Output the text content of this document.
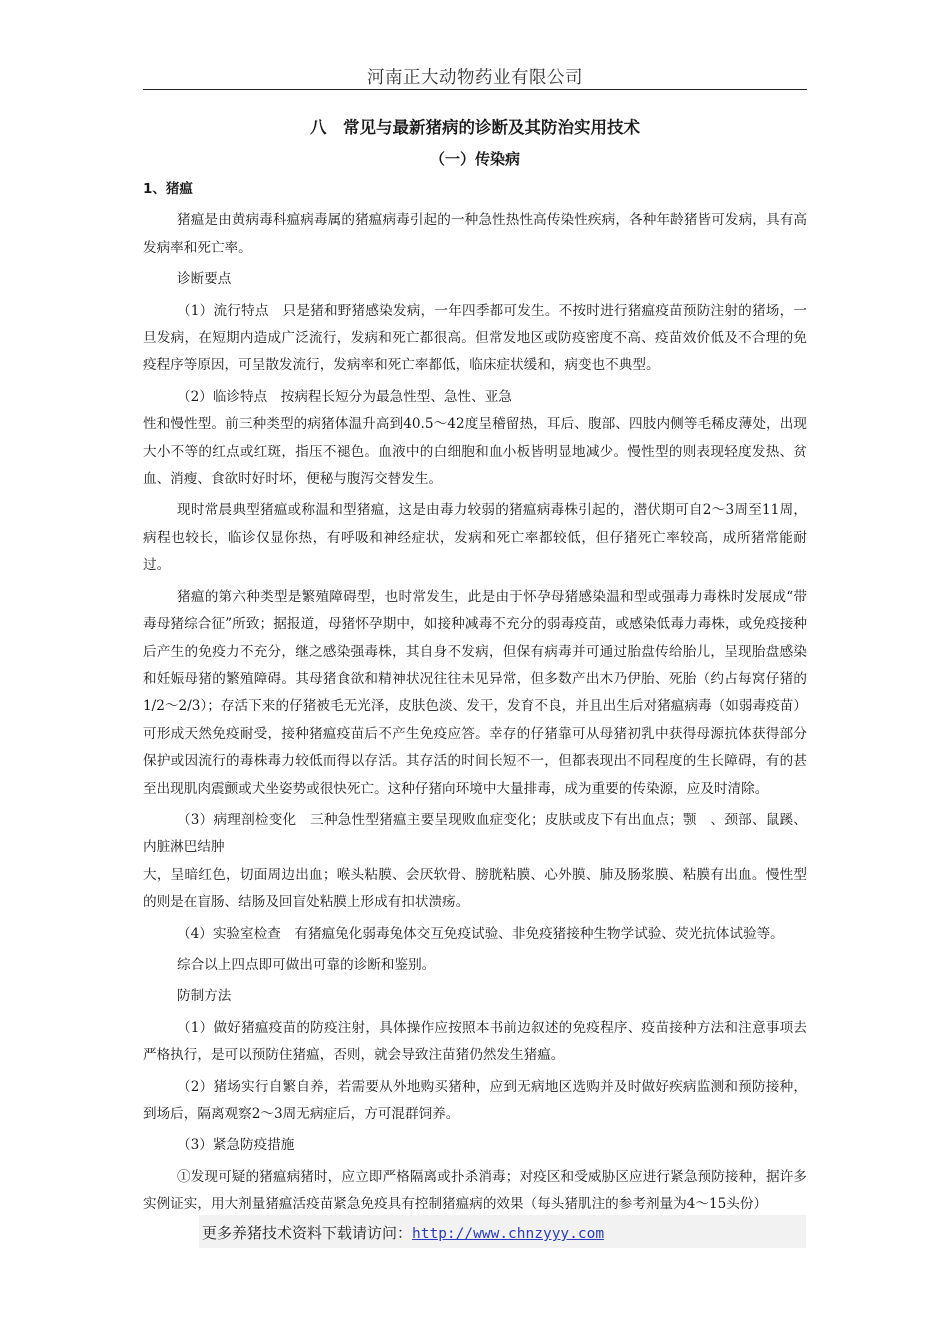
河南正大动物药业有限公司

八　常见与最新猪病的诊断及其防治实用技术

（一）传染病

1、猪瘟

猪瘟是由黄病毒科瘟病毒属的猪瘟病毒引起的一种急性热性高传染性疾病，各种年龄猪皆可发病，具有高发病率和死亡率。

诊断要点

（1）流行特点　只是猪和野猪感染发病，一年四季都可发生。不按时进行猪瘟疫苗预防注射的猪场，一旦发病，在短期内造成广泛流行，发病和死亡都很高。但常发地区或防疫密度不高、疫苗效价低及不合理的免疫程序等原因，可呈散发流行，发病率和死亡率都低，临床症状缓和，病变也不典型。

（2）临诊特点　按病程长短分为最急性型、急性、亚急

性和慢性型。前三种类型的病猪体温升高到40.5～42度呈稽留热，耳后、腹部、四肢内侧等毛稀皮薄处，出现大小不等的红点或红斑，指压不褪色。血液中的白细胞和血小板皆明显地减少。慢性型的则表现轻度发热、贫血、消瘦、食欲时好时坏，便秘与腹泻交替发生。

现时常晨典型猪瘟或称温和型猪瘟，这是由毒力较弱的猪瘟病毒株引起的，潜伏期可自2～3周至11周，病程也较长，临诊仅显你热，有呼吸和神经症状，发病和死亡率都较低，但仔猪死亡率较高，成所猪常能耐过。

猪瘟的第六种类型是繁殖障碍型，也时常发生，此是由于怀孕母猪感染温和型或强毒力毒株时发展成“带毒母猪综合征”所致；据报道，母猪怀孕期中，如接种减毒不充分的弱毒疫苗，或感染低毒力毒株，或免疫接种后产生的免疫力不充分，继之感染强毒株，其自身不发病，但保有病毒并可通过胎盘传给胎儿，呈现胎盘感染和妊娠母猪的繁殖障碍。其母猪食欲和精神状况往往未见异常，但多数产出木乃伊胎、死胎（约占每窝仔猪的1/2～2/3）；存活下来的仔猪被毛无光泽，皮肤色淡、发干，发育不良，并且出生后对猪瘟病毒（如弱毒疫苗）可形成天然免疫耐受，接种猪瘟疫苗后不产生免疫应答。幸存的仔猪靠可从母猪初乳中获得母源抗体获得部分保护或因流行的毒株毒力较低而得以存活。其存活的时间长短不一，但都表现出不同程度的生长障碍，有的甚至出现肌肉震颤或犬坐姿势或很快死亡。这种仔猪向环境中大量排毒，成为重要的传染源，应及时清除。

（3）病理剖检变化　三种急性型猪瘟主要呈现败血症变化；皮肤或皮下有出血点；颚　、颈部、鼠蹊、内脏淋巴结肿

大，呈暗红色，切面周边出血；喉头粘膜、会厌软骨、膀胱粘膜、心外膜、肺及肠浆膜、粘膜有出血。慢性型的则是在盲肠、结肠及回盲处粘膜上形成有扣状溃疡。

（4）实验室检查　有猪瘟兔化弱毒兔体交互免疫试验、非免疫猪接种生物学试验、荧光抗体试验等。

综合以上四点即可做出可靠的诊断和鉴别。

防制方法

（1）做好猪瘟疫苗的防疫注射，具体操作应按照本书前边叙述的免疫程序、疫苗接种方法和注意事项去严格执行，是可以预防住猪瘟，否则，就会导致注苗猪仍然发生猪瘟。

（2）猪场实行自繁自养，若需要从外地购买猪种，应到无病地区选购并及时做好疾病监测和预防接种，到场后，隔离观察2～3周无病症后，方可混群饲养。

（3）紧急防疫措施

①发现可疑的猪瘟病猪时，应立即严格隔离或扑杀消毒；对疫区和受威胁区应进行紧急预防接种，据许多实例证实，用大剂量猪瘟活疫苗紧急免疫具有控制猪瘟病的效果（每头猪肌注的参考剂量为4～15头份）

更多养猪技术资料下载请访问：http://www.chnzyyy.com
